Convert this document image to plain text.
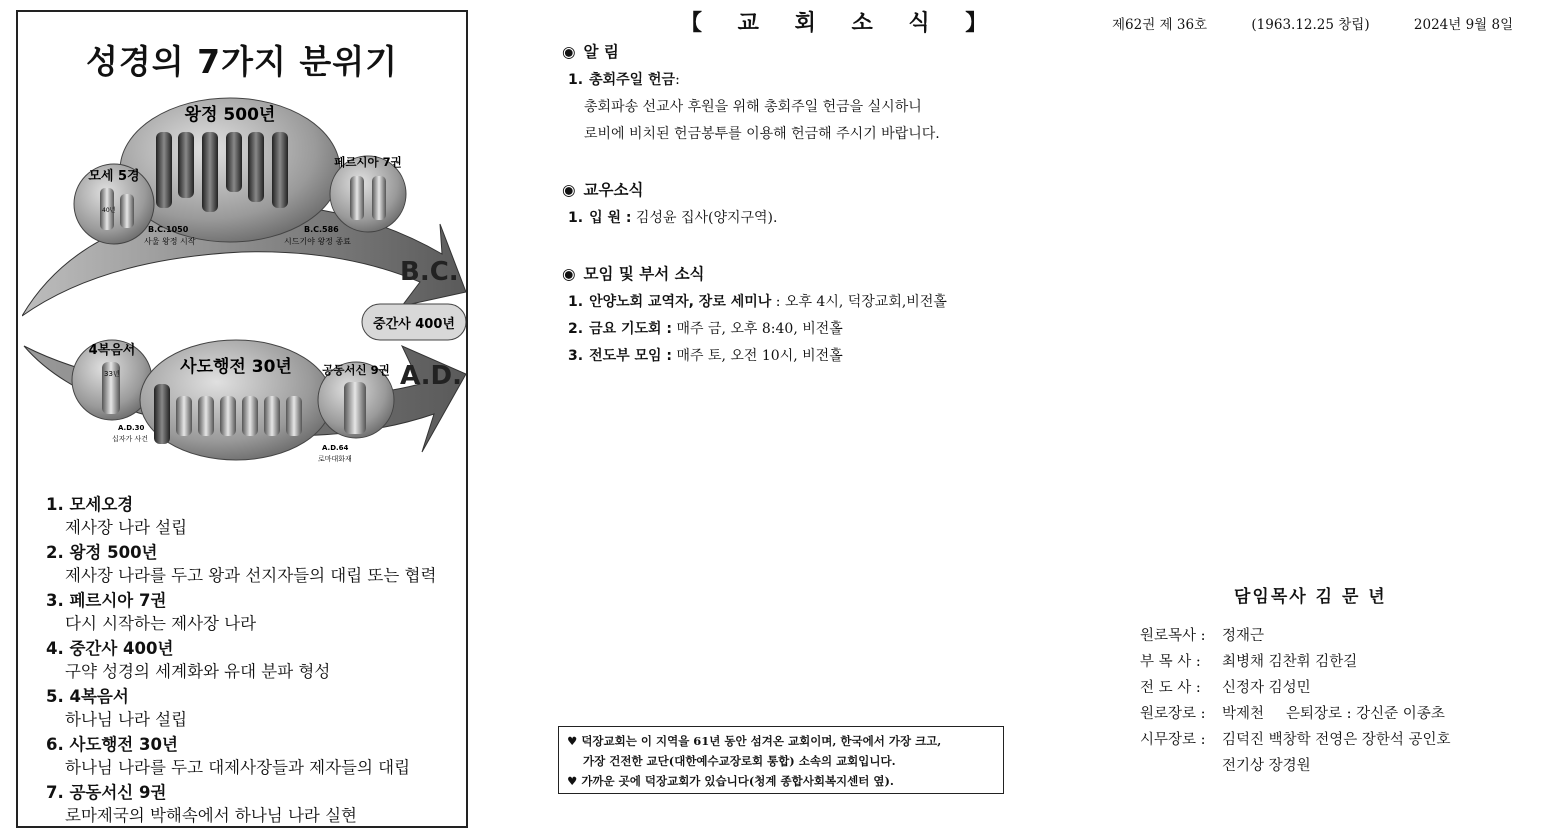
성경의 7가지 분위기
왕정 500년
B.C.1050
사울 왕정 시작
B.C.586
시드기야 왕정 종료
모세 5경
40년
페르시아 7권
B.C.
중간사 400년
A.D.
4복음서
33년
A.D.30
십자가 사건
사도행전 30년	공동서신 9권
A.D.64
로마대화재
1. 모세오경
제사장 나라 설립
2. 왕정 500년
제사장 나라를 두고 왕과 선지자들의 대립 또는 협력
3. 페르시아 7권
다시 시작하는 제사장 나라
4. 중간사 400년
구약 성경의 세계화와 유대 분파 형성
5. 4복음서
하나님 나라 설립
6. 사도행전 30년
하나님 나라를 두고 대제사장들과 제자들의 대립
7. 공동서신 9권
로마제국의 박해속에서 하나님 나라 실현
【 교 회 소 식 】	제62권 제 36호	(1963.12.25 창립)	2024년 9월 8일
◉ 알 림
1. 총회주일 헌금:
총회파송 선교사 후원을 위해 총회주일 헌금을 실시하니
로비에 비치된 헌금봉투를 이용해 헌금해 주시기 바랍니다.
◉ 교우소식
1. 입 원 : 김성윤 집사(양지구역).
◉ 모임 및 부서 소식
1. 안양노회 교역자, 장로 세미나 : 오후 4시, 덕장교회,비전홀
2. 금요 기도회 : 매주 금, 오후 8:40, 비전홀
3. 전도부 모임 : 매주 토, 오전 10시, 비전홀
♥ 덕장교회는 이 지역을 61년 동안 섬겨온 교회이며, 한국에서 가장 크고,
가장 건전한 교단(대한예수교장로회 통합) 소속의 교회입니다.
♥ 가까운 곳에 덕장교회가 있습니다(청계 종합사회복지센터 옆).
담임목사 김 문 년
원로목사 : 정재근
부 목 사 : 최병채 김찬휘 김한길
전 도 사 : 신정자 김성민
원로장로 : 박제천 은퇴장로 : 강신준 이종초
시무장로 : 김덕진 백창학 전영은 장한석 공인호
전기상 장경원
